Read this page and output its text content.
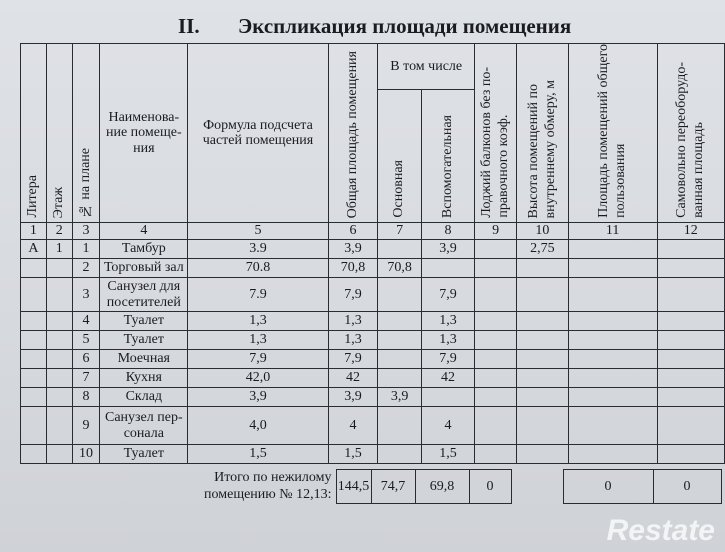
II. Экспликация площади помещения
Литера	Этаж	№ на плане	Наименова-
ние помеще-
ния	Формула подсчета
частей помещения	Общая площадь помещения	В том числе		Лоджий балконов без по-
правочного коэф.	Высота помещений по
внутреннему обмеру, м	Площадь помещений общего
пользования	Самовольно переоборудо-
ванная площадь

						Основная	Вспомогательная				

1	2	3	4	5	6	7	8	9	10	11	12
А	1	1	Тамбур	3.9	3,9		3,9		2,75		
		2	Торговый зал	70.8	70,8	70,8					
		3	Санузел для посетителей	7.9	7,9		7,9				
		4	Туалет	1,3	1,3		1,3				
		5	Туалет	1,3	1,3		1,3				
		6	Моечная	7,9	7,9		7,9				
		7	Кухня	42,0	42		42				
		8	Склад	3,9	3,9	3,9					
		9	Санузел пер-
сонала	4,0	4		4				
		10	Туалет	1,5	1,5		1,5				
Итого по нежилому
помещению № 12,13:	144,5	74,7	69,8	0		0	0
Restate
